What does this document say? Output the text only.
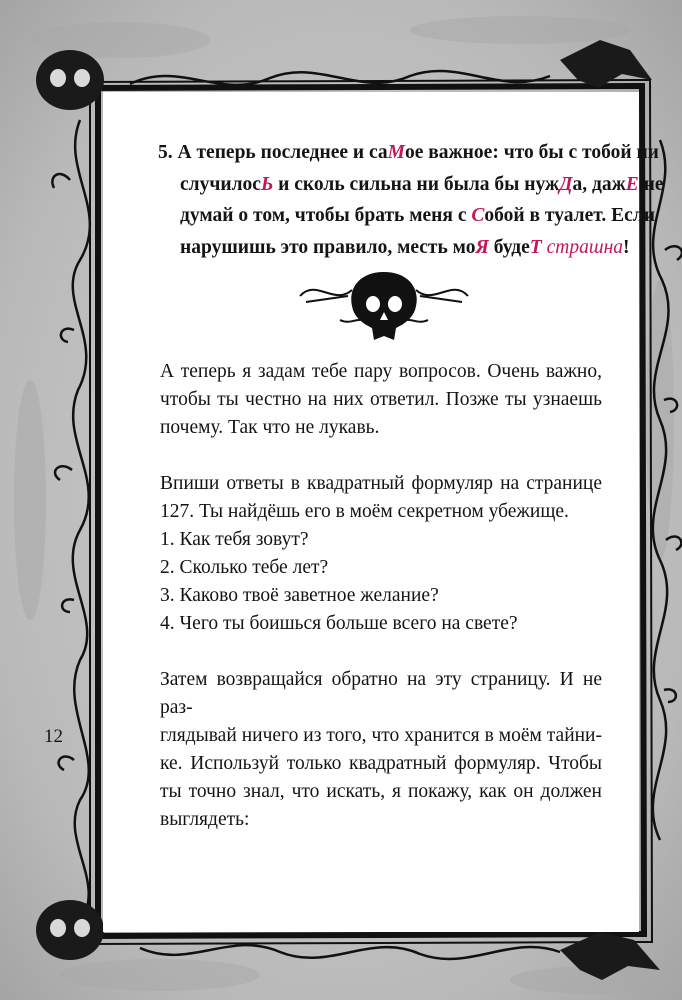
5. А теперь последнее и саМое важное: что бы с тобой ни
случилосЬ и сколь сильна ни была бы нужДа, дажЕ не
думай о том, чтобы брать меня с Собой в туалет. Если
нарушишь это правило, месть моЯ будеТ страшна!
А теперь я задам тебе пару вопросов. Очень важно,
чтобы ты честно на них ответил. Позже ты узнаешь
почему. Так что не лукавь.
Впиши ответы в квадратный формуляр на странице
127. Ты найдёшь его в моём секретном убежище.
1. Как тебя зовут?
2. Сколько тебе лет?
3. Каково твоё заветное желание?
4. Чего ты боишься больше всего на свете?
Затем возвращайся обратно на эту страницу. И не раз-
глядывай ничего из того, что хранится в моём тайни-
ке. Используй только квадратный формуляр. Чтобы
ты точно знал, что искать, я покажу, как он должен
выглядеть:
12
